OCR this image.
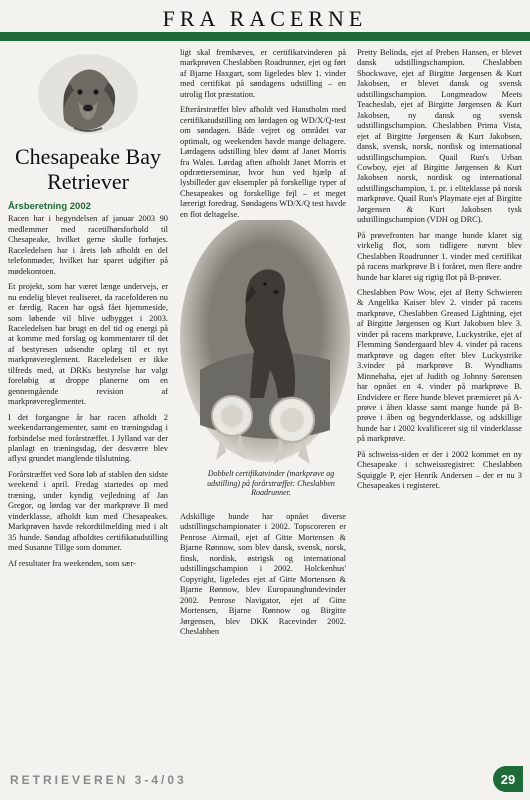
FRA RACERNE
Chesapeake Bay
Retriever
Årsberetning 2002

Racen har i begyndelsen af januar 2003 90 medlemmer med racetilhørsforhold til Chesapeake, hvilket gerne skulle forhøjes. Raceledelsen har i årets løb afholdt en del telefonmøder, hvilket har sparet udgifter på mødekontoen.

Et projekt, som har været længe undervejs, er nu endelig blevet realiseret, da racefolderen nu er færdig. Racen har også fået hjemmeside, som løbende vil blive udbygget i 2003. Raceledelsen har brugt en del tid og energi på at komme med forslag og kommentarer til det af bestyresen udsendte oplæg til et nyt markprøvereglement. Raceledelsen er ikke tilfreds med, at DRKs bestyrelse har valgt foreløbig at droppe planerne om en gennemgående revision af markprøvereglementet.

I det forgangne år har racen afholdt 2 weekendarrangementer, samt en træningsdag i forbindelse med forårstræffet. I Jylland var der planlagt en træningsdag, der desværre blev aflyst grundet manglende tilslutning.

Forårstræffet ved Sorø løb af stablen den sidste weekend i april. Fredag startedes op med træning, under kyndig vejledning af Jan Gregor, og lørdag var der markprøve B med vinderklasse, afholdt kun med Chesapeakes. Markprøven havde rekordtilmelding med i alt 35 hunde. Søndag afholdtes certifikatudstilling med Susanne Tillge som dommer.

Af resultater fra weekenden, som sær-

ligt skal fremhæves, er certifikatvinderen på markprøven Cheslabben Roadrunner, ejet og ført af Bjarne Haxgart, som ligeledes blev 1. vinder med certifikat på søndagens udstilling – en utrolig flot præstation.

Efterårstræffet blev afholdt ved Hanstholm med certifikatudstilling om lørdagen og WD/X/Q-test om søndagen. Både vejret og området var optimalt, og weekenden havde mange deltagere. Lørdagens udstilling blev dømt af Janet Morris fra Wales. Lørdag aften afholdt Janet Morris et opdrætterseminar, hvor hun ved hjælp af lysbilleder gav eksempler på forskellige typer af Chesapeakes og forskellige fejl – et meget lærerigt foredrag. Søndagens WD/X/Q test havde en flot deltagelse.

Dobbelt certifikatvinder (markprøve og udstilling) på forårstræffet: Cheslabben Roadrunner.

Adskillige hunde har opnået diverse udstillingschampionater i 2002. Topscoreren er Penrose Airmail, ejet af Gitte Mortensen & Bjarne Rønnow, som blev dansk, svensk, norsk, finsk, nordisk, østrigsk og international udstillingschampion i 2002. Holckenhus' Copyright, ligeledes ejet af Gitte Mortensen & Bjarne Rønnow, blev Europaunghundevinder 2002. Penrose Navigator, ejet af Gitte Mortensen, Bjarne Rønnow og Birgitte Jørgensen, blev DKK Racevinder 2002. Cheslabben

Pretty Belinda, ejet af Preben Hansen, er blevet dansk udstillingschampion. Cheslabben Shockwave, ejet af Birgitte Jørgensen & Kurt Jakobsen, er blevet dansk og svensk udstillingschampion. Longmeadow Meets Teacheslab, ejet af Birgitte Jørgensen & Kurt Jakobsen, ny dansk og svensk udstillingschampion. Cheslabben Prima Vista, ejet af Birgitte Jørgensen & Kurt Jakobsen, dansk, svensk, norsk, nordisk og international udstillingschampion. Quail Run's Urban Cowboy, ejet af Birgitte Jørgensen & Kurt Jakobsen norsk, nordisk og international udstillingschampion, 1. pr. i eliteklasse på norsk markprøve. Quail Run's Playmate ejet af Birgitte Jørgensen & Kurt Jakobsen tysk udstillingschampion (VDH og DRC).

På prøvefronten har mange hunde klaret sig virkelig flot, som tidligere nævnt blev Cheslabben Roadrunner 1. vinder med certifikat på racens markprøve B i foråret, men flere andre hunde har klaret sig rigtig flot på B-prøver.

Cheslabben Pow Wow, ejet af Betty Schwieren & Angelika Kaiser blev 2. vinder på racens markprøve, Cheslabben Greased Lightning, ejet af Birgitte Jørgensen og Kurt Jakobsen blev 3. vinder på racens markprøve, Luckystrike, ejet af Flemming Søndergaard blev 4. vinder på racens markprøve og dagen efter blev Luckystrike 3.vinder på markprøve B. Wyndhams Minnehaha, ejet af Judith og Johnny Sørensen har opnået en 4. vinder på markprøve B. Endvidere er flere hunde blevet præmieret på A-prøve i åben klasse samt mange hunde på B-prøve i åben og begynderklasse, og adskillige hunde har i 2002 kvalificeret sig til vinderklasse på markprøve.

På schweiss-siden er der i 2002 kommet en ny Chesapeake i schweissregistret: Cheslabben Squiggle P, ejer Henrik Andersen – der er nu 3 Chesapeakes i registeret.

RETRIEVEREN 3-4/03	29
